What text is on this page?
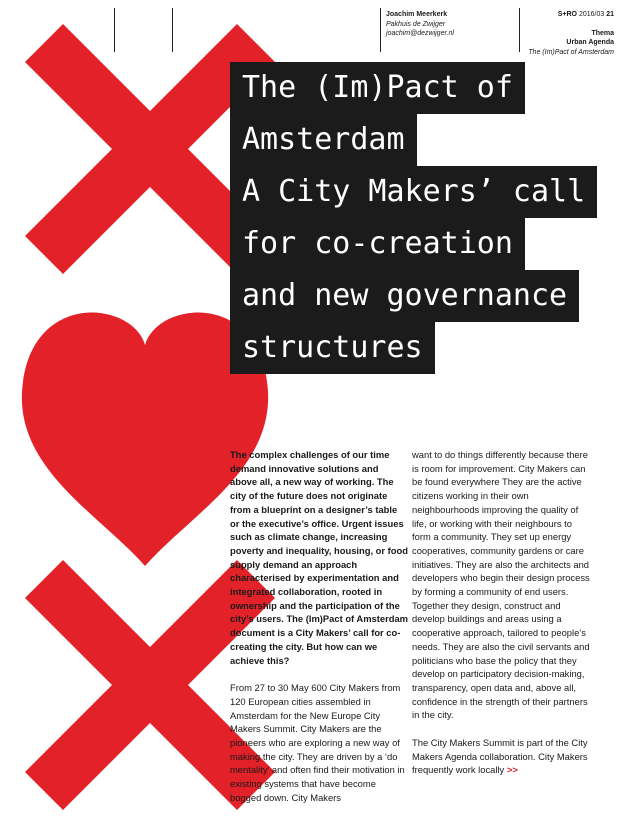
Joachim Meerkerk
Pakhuis de Zwijger
joachim@dezwijger.nl
S+RO 2016/03 21
Thema
Urban Agenda
The (Im)Pact of Amsterdam
The (Im)Pact of
Amsterdam
A City Makers’ call
for co-creation
and new governance
structures

The complex challenges of our time demand innovative solutions and above all, a new way of working. The city of the future does not originate from a blueprint on a designer’s table or the executive’s office. Urgent issues such as climate change, increasing poverty and inequality, housing, or food supply demand an approach characterised by experimentation and integrated collaboration, rooted in ownership and the participation of the city’s users. The (Im)Pact of Amsterdam document is a City Makers’ call for co-creating the city. But how can we achieve this?

From 27 to 30 May 600 City Makers from 120 European cities assembled in Amsterdam for the New Europe City Makers Summit. City Makers are the pioneers who are exploring a new way of making the city. They are driven by a ‘do mentality’ and often find their motivation in existing systems that have become bogged down. City Makers

want to do things differently because there is room for improvement. City Makers can be found everywhere They are the active citizens working in their own neighbourhoods improving the quality of life, or working with their neighbours to form a community. They set up energy cooperatives, community gardens or care initiatives. They are also the architects and developers who begin their design process by forming a community of end users. Together they design, construct and develop buildings and areas using a cooperative approach, tailored to people’s needs. They are also the civil servants and politicians who base the policy that they develop on participatory decision-making, transparency, open data and, above all, confidence in the strength of their partners in the city.

The City Makers Summit is part of the City Makers Agenda collaboration. City Makers frequently work locally >>
